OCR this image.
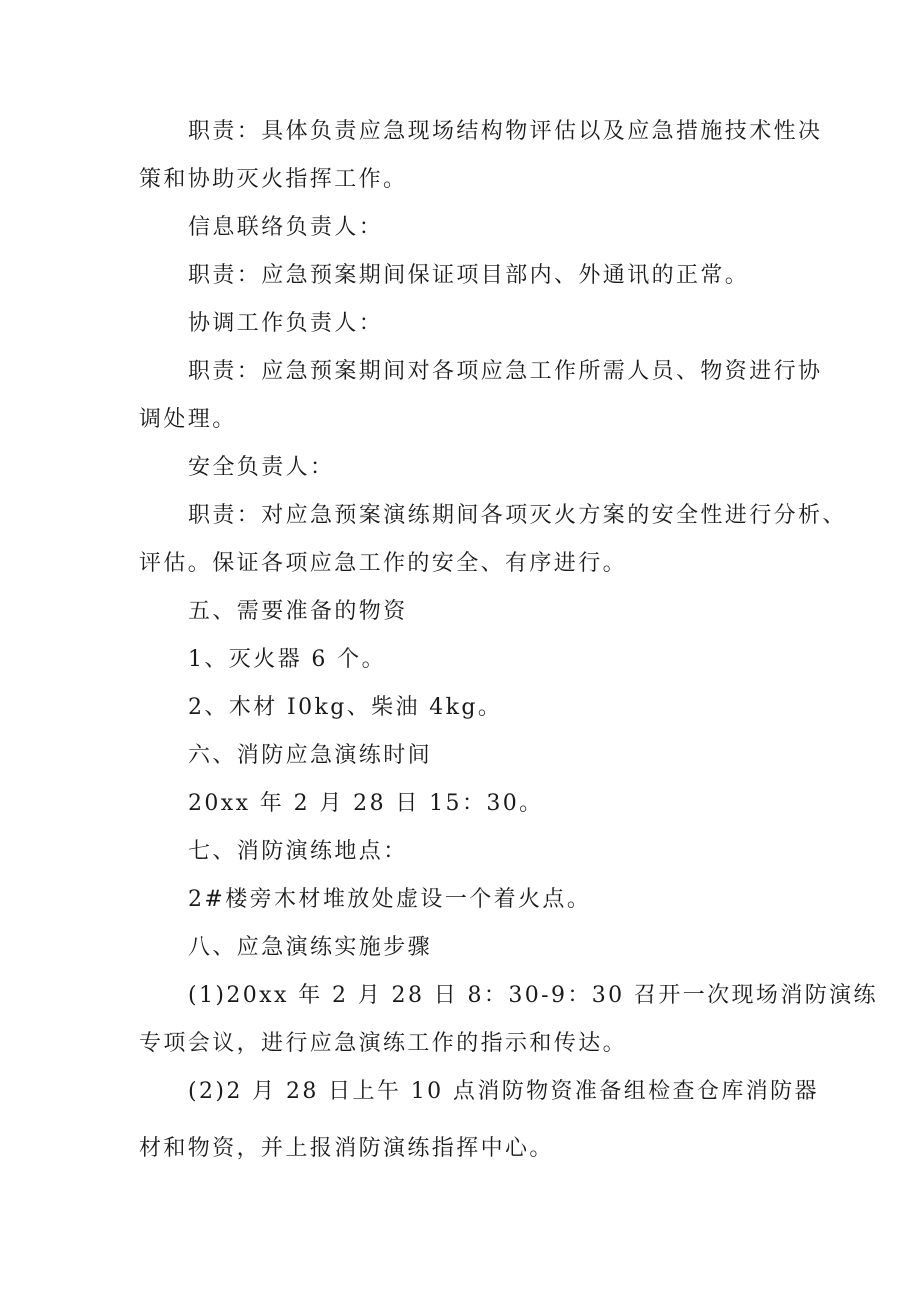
职责：具体负责应急现场结构物评估以及应急措施技术性决
策和协助灭火指挥工作。
信息联络负责人：
职责：应急预案期间保证项目部内、外通讯的正常。
协调工作负责人：
职责：应急预案期间对各项应急工作所需人员、物资进行协
调处理。
安全负责人：
职责：对应急预案演练期间各项灭火方案的安全性进行分析、
评估。保证各项应急工作的安全、有序进行。
五、需要准备的物资
1、灭火器 6 个。
2、木材 I0kg、柴油 4kg。
六、消防应急演练时间
20xx 年 2 月 28 日 15：30。
七、消防演练地点：
2#楼旁木材堆放处虚设一个着火点。
八、应急演练实施步骤
(1)20xx 年 2 月 28 日 8：30-9：30 召开一次现场消防演练
专项会议，进行应急演练工作的指示和传达。
(2)2 月 28 日上午 10 点消防物资准备组检查仓库消防器
材和物资，并上报消防演练指挥中心。
